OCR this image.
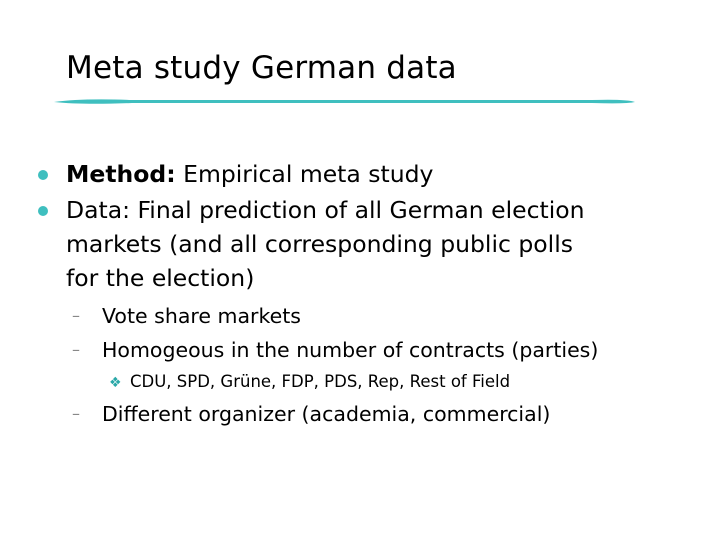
Meta study German data
Method: Empirical meta study
Data: Final prediction of all German election
markets (and all corresponding public polls
for the election)
– Vote share markets
– Homogeous in the number of contracts (parties)
❖ CDU, SPD, Grüne, FDP, PDS, Rep, Rest of Field
– Different organizer (academia, commercial)
